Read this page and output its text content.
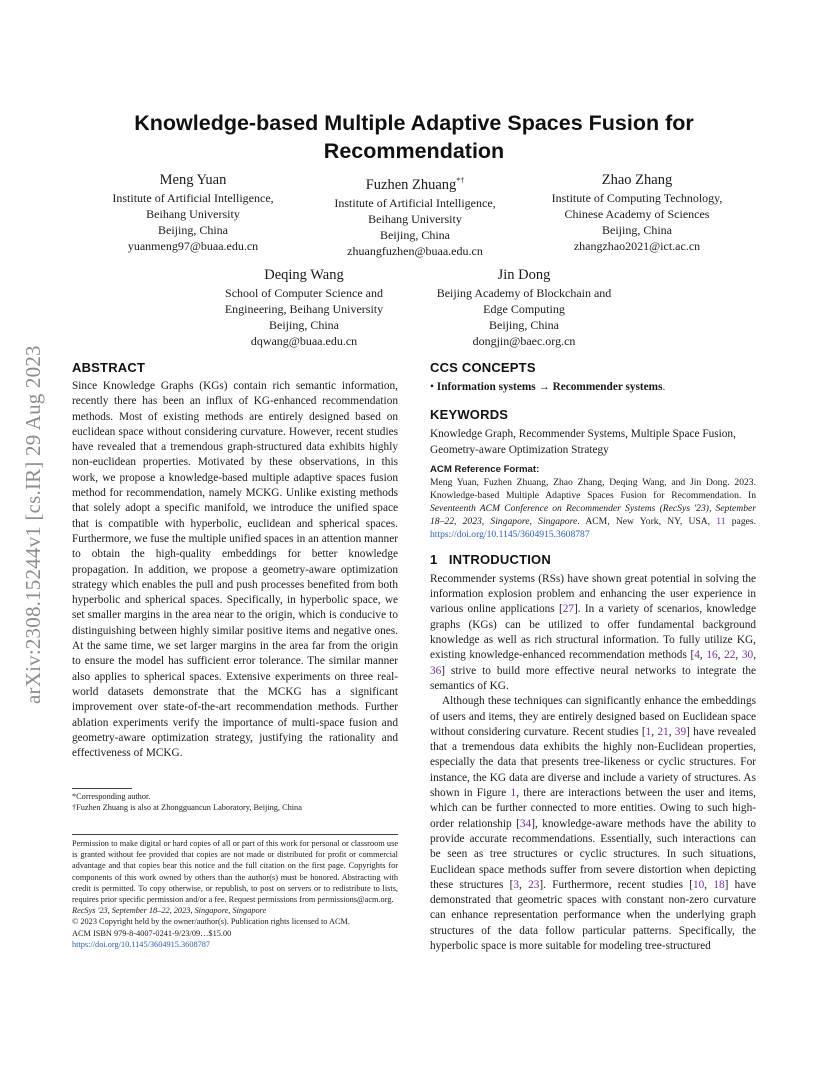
arXiv:2308.15244v1 [cs.IR] 29 Aug 2023
Knowledge-based Multiple Adaptive Spaces Fusion for Recommendation
Meng Yuan
Institute of Artificial Intelligence,
Beihang University
Beijing, China
yuanmeng97@buaa.edu.cn
Fuzhen Zhuang*†
Institute of Artificial Intelligence,
Beihang University
Beijing, China
zhuangfuzhen@buaa.edu.cn
Zhao Zhang
Institute of Computing Technology,
Chinese Academy of Sciences
Beijing, China
zhangzhao2021@ict.ac.cn
Deqing Wang
School of Computer Science and
Engineering, Beihang University
Beijing, China
dqwang@buaa.edu.cn
Jin Dong
Beijing Academy of Blockchain and
Edge Computing
Beijing, China
dongjin@baec.org.cn
ABSTRACT

Since Knowledge Graphs (KGs) contain rich semantic information, recently there has been an influx of KG-enhanced recommendation methods. Most of existing methods are entirely designed based on euclidean space without considering curvature. However, recent studies have revealed that a tremendous graph-structured data exhibits highly non-euclidean properties. Motivated by these observations, in this work, we propose a knowledge-based multiple adaptive spaces fusion method for recommendation, namely MCKG. Unlike existing methods that solely adopt a specific manifold, we introduce the unified space that is compatible with hyperbolic, euclidean and spherical spaces. Furthermore, we fuse the multiple unified spaces in an attention manner to obtain the high-quality embeddings for better knowledge propagation. In addition, we propose a geometry-aware optimization strategy which enables the pull and push processes benefited from both hyperbolic and spherical spaces. Specifically, in hyperbolic space, we set smaller margins in the area near to the origin, which is conducive to distinguishing between highly similar positive items and negative ones. At the same time, we set larger margins in the area far from the origin to ensure the model has sufficient error tolerance. The similar manner also applies to spherical spaces. Extensive experiments on three real-world datasets demonstrate that the MCKG has a significant improvement over state-of-the-art recommendation methods. Further ablation experiments verify the importance of multi-space fusion and geometry-aware optimization strategy, justifying the rationality and effectiveness of MCKG.

*Corresponding author.
†Fuzhen Zhuang is also at Zhongguancun Laboratory, Beijing, China

Permission to make digital or hard copies of all or part of this work for personal or classroom use is granted without fee provided that copies are not made or distributed for profit or commercial advantage and that copies bear this notice and the full citation on the first page. Copyrights for components of this work owned by others than the author(s) must be honored. Abstracting with credit is permitted. To copy otherwise, or republish, to post on servers or to redistribute to lists, requires prior specific permission and/or a fee. Request permissions from permissions@acm.org.

RecSys '23, September 18–22, 2023, Singapore, Singapore

© 2023 Copyright held by the owner/author(s). Publication rights licensed to ACM.

ACM ISBN 979-8-4007-0241-9/23/09…$15.00

https://doi.org/10.1145/3604915.3608787

CCS CONCEPTS

• Information systems → Recommender systems.

KEYWORDS

Knowledge Graph, Recommender Systems, Multiple Space Fusion, Geometry-aware Optimization Strategy

ACM Reference Format:

Meng Yuan, Fuzhen Zhuang, Zhao Zhang, Deqing Wang, and Jin Dong. 2023. Knowledge-based Multiple Adaptive Spaces Fusion for Recommendation. In Seventeenth ACM Conference on Recommender Systems (RecSys '23), September 18–22, 2023, Singapore, Singapore. ACM, New York, NY, USA, 11 pages. https://doi.org/10.1145/3604915.3608787

1   INTRODUCTION

Recommender systems (RSs) have shown great potential in solving the information explosion problem and enhancing the user experience in various online applications [27]. In a variety of scenarios, knowledge graphs (KGs) can be utilized to offer fundamental background knowledge as well as rich structural information. To fully utilize KG, existing knowledge-enhanced recommendation methods [4, 16, 22, 30, 36] strive to build more effective neural networks to integrate the semantics of KG.

Although these techniques can significantly enhance the embeddings of users and items, they are entirely designed based on Euclidean space without considering curvature. Recent studies [1, 21, 39] have revealed that a tremendous data exhibits the highly non-Euclidean properties, especially the data that presents tree-likeness or cyclic structures. For instance, the KG data are diverse and include a variety of structures. As shown in Figure 1, there are interactions between the user and items, which can be further connected to more entities. Owing to such high-order relationship [34], knowledge-aware methods have the ability to provide accurate recommendations. Essentially, such interactions can be seen as tree structures or cyclic structures. In such situations, Euclidean space methods suffer from severe distortion when depicting these structures [3, 23]. Furthermore, recent studies [10, 18] have demonstrated that geometric spaces with constant non-zero curvature can enhance representation performance when the underlying graph structures of the data follow particular patterns. Specifically, the hyperbolic space is more suitable for modeling tree-structured
